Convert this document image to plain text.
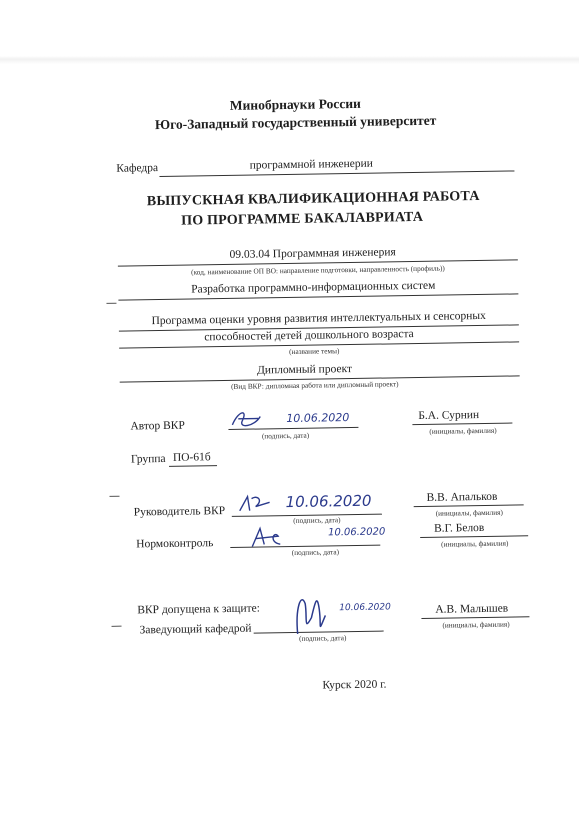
Минобрнауки России
Юго-Западный государственный университет
Кафедра	программной инженерии
ВЫПУСКНАЯ КВАЛИФИКАЦИОННАЯ РАБОТА
ПО ПРОГРАММЕ БАКАЛАВРИАТА
09.03.04 Программная инженерия
(код, наименование ОП ВО: направление подготовки, направленность (профиль))
Разработка программно-информационных систем
Программа оценки уровня развития интеллектуальных и сенсорных
способностей детей дошкольного возраста
(название темы)
Дипломный проект
(Вид ВКР: дипломная работа или дипломный проект)
Автор ВКР
10.06.2020
(подпись, дата)
Б.А. Сурнин
(инициалы, фамилия)
Группа ПО-61б
Руководитель ВКР
10.06.2020
(подпись, дата)
В.В. Апальков
(инициалы, фамилия)
Нормоконтроль
10.06.2020
(подпись, дата)
В.Г. Белов
(инициалы, фамилия)
ВКР допущена к защите:
Заведующий кафедрой
10.06.2020
(подпись, дата)
А.В. Малышев
(инициалы, фамилия)
Курск 2020 г.
